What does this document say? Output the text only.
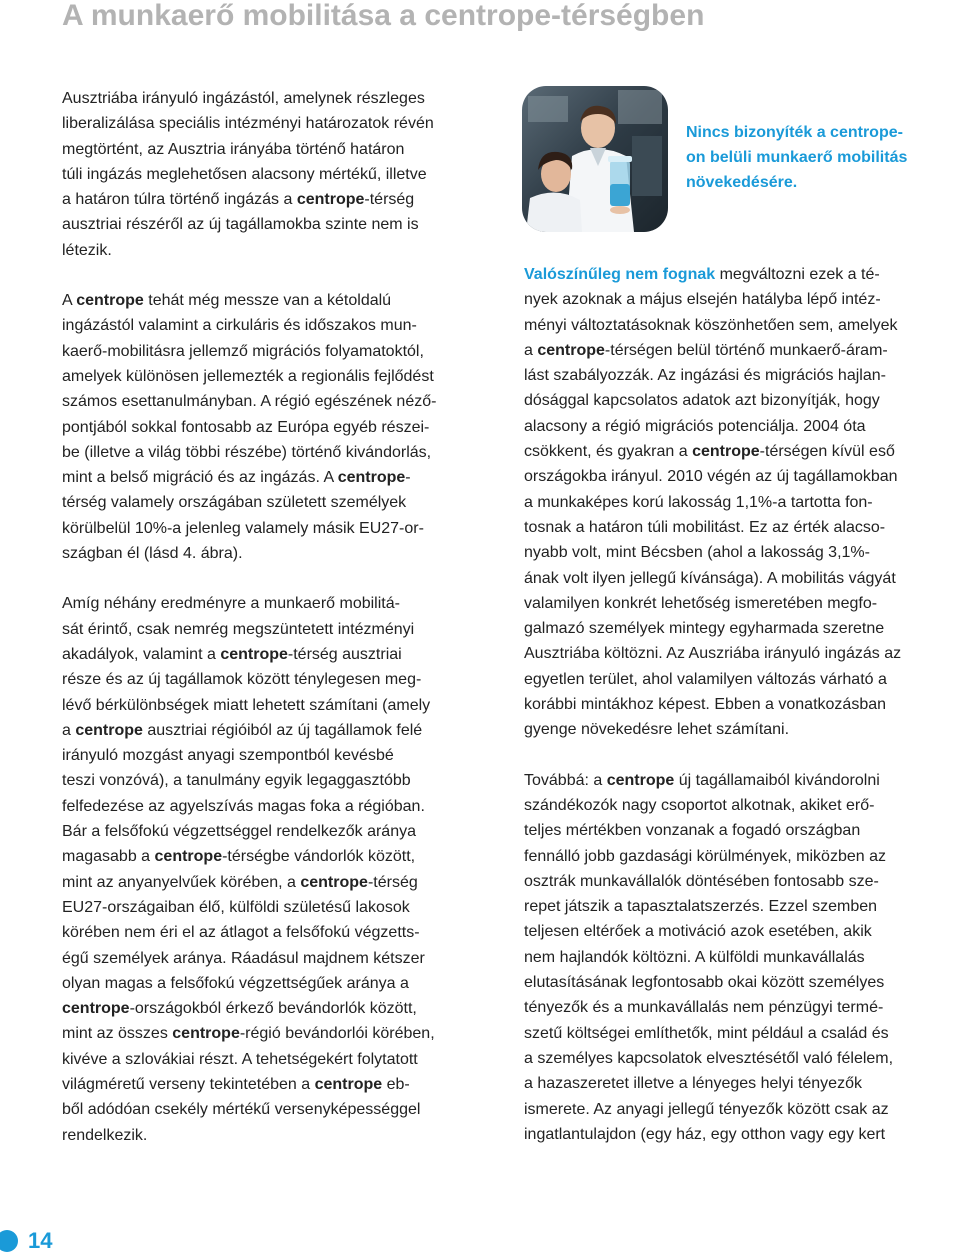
A munkaerő mobilitása a centrope-térségben

Ausztriába irányuló ingázástól, amelynek részleges

liberalizálása speciális intézményi határozatok révén

megtörtént, az Ausztria irányába történő határon

túli ingázás meglehetősen alacsony mértékű, illetve

a határon túlra történő ingázás a centrope-térség

ausztriai részéről az új tagállamokba szinte nem is

létezik.

A centrope tehát még messze van a kétoldalú

ingázástól valamint a cirkuláris és időszakos mun-

kaerő-mobilitásra jellemző migrációs folyamatoktól,

amelyek különösen jellemezték a regionális fejlődést

számos esettanulmányban. A régió egészének néző-

pontjából sokkal fontosabb az Európa egyéb részei-

be (illetve a világ többi részébe) történő kivándorlás,

mint a belső migráció és az ingázás. A centrope-

térség valamely országában született személyek

körülbelül 10%-a jelenleg valamely másik EU27-or-

szágban él (lásd 4. ábra).

Amíg néhány eredményre a munkaerő mobilitá-

sát érintő, csak nemrég megszüntetett intézményi

akadályok, valamint a centrope-térség ausztriai

része és az új tagállamok között ténylegesen meg-

lévő bérkülönbségek miatt lehetett számítani (amely

a centrope ausztriai régióiból az új tagállamok felé

irányuló mozgást anyagi szempontból kevésbé

teszi vonzóvá), a tanulmány egyik legaggasztóbb

felfedezése az agyelszívás magas foka a régióban.

Bár a felsőfokú végzettséggel rendelkezők aránya

magasabb a centrope-térségbe vándorlók között,

mint az anyanyelvűek körében, a centrope-térség

EU27-országaiban élő, külföldi születésű lakosok

körében nem éri el az átlagot a felsőfokú végzetts-

égű személyek aránya. Ráadásul majdnem kétszer

olyan magas a felsőfokú végzettségűek aránya a

centrope-országokból érkező bevándorlók között,

mint az összes centrope-régió bevándorlói körében,

kivéve a szlovákiai részt. A tehetségekért folytatott

világméretű verseny tekintetében a centrope eb-

ből adódóan csekély mértékű versenyképességgel

rendelkezik.

Nincs bizonyíték a centrope-

on belüli munkaerő mobilitás

növekedésére.

Valószínűleg nem fognak megváltozni ezek a té-

nyek azoknak a május elsején hatályba lépő intéz-

ményi változtatásoknak köszönhetően sem, amelyek

a centrope-térségen belül történő munkaerő-áram-

lást szabályozzák. Az ingázási és migrációs hajlan-

dósággal kapcsolatos adatok azt bizonyítják, hogy

alacsony a régió migrációs potenciálja. 2004 óta

csökkent, és gyakran a centrope-térségen kívül eső

országokba irányul. 2010 végén az új tagállamokban

a munkaképes korú lakosság 1,1%-a tartotta fon-

tosnak a határon túli mobilitást. Ez az érték alacso-

nyabb volt, mint Bécsben (ahol a lakosság 3,1%-

ának volt ilyen jellegű kívánsága). A mobilitás vágyát

valamilyen konkrét lehetőség ismeretében megfo-

galmazó személyek mintegy egyharmada szeretne

Ausztriába költözni. Az Auszriába irányuló ingázás az

egyetlen terület, ahol valamilyen változás várható a

korábbi mintákhoz képest. Ebben a vonatkozásban

gyenge növekedésre lehet számítani.

Továbbá: a centrope új tagállamaiból kivándorolni

szándékozók nagy csoportot alkotnak, akiket erő-

teljes mértékben vonzanak a fogadó országban

fennálló jobb gazdasági körülmények, miközben az

osztrák munkavállalók döntésében fontosabb sze-

repet játszik a tapasztalatszerzés. Ezzel szemben

teljesen eltérőek a motiváció azok esetében, akik

nem hajlandók költözni. A külföldi munkavállalás

elutasításának legfontosabb okai között személyes

tényezők és a munkavállalás nem pénzügyi termé-

szetű költségei említhetők, mint például a család és

a személyes kapcsolatok elvesztésétől való félelem,

a hazaszeretet illetve a lényeges helyi tényezők

ismerete. Az anyagi jellegű tényezők között csak az

ingatlantulajdon (egy ház, egy otthon vagy egy kert

14
